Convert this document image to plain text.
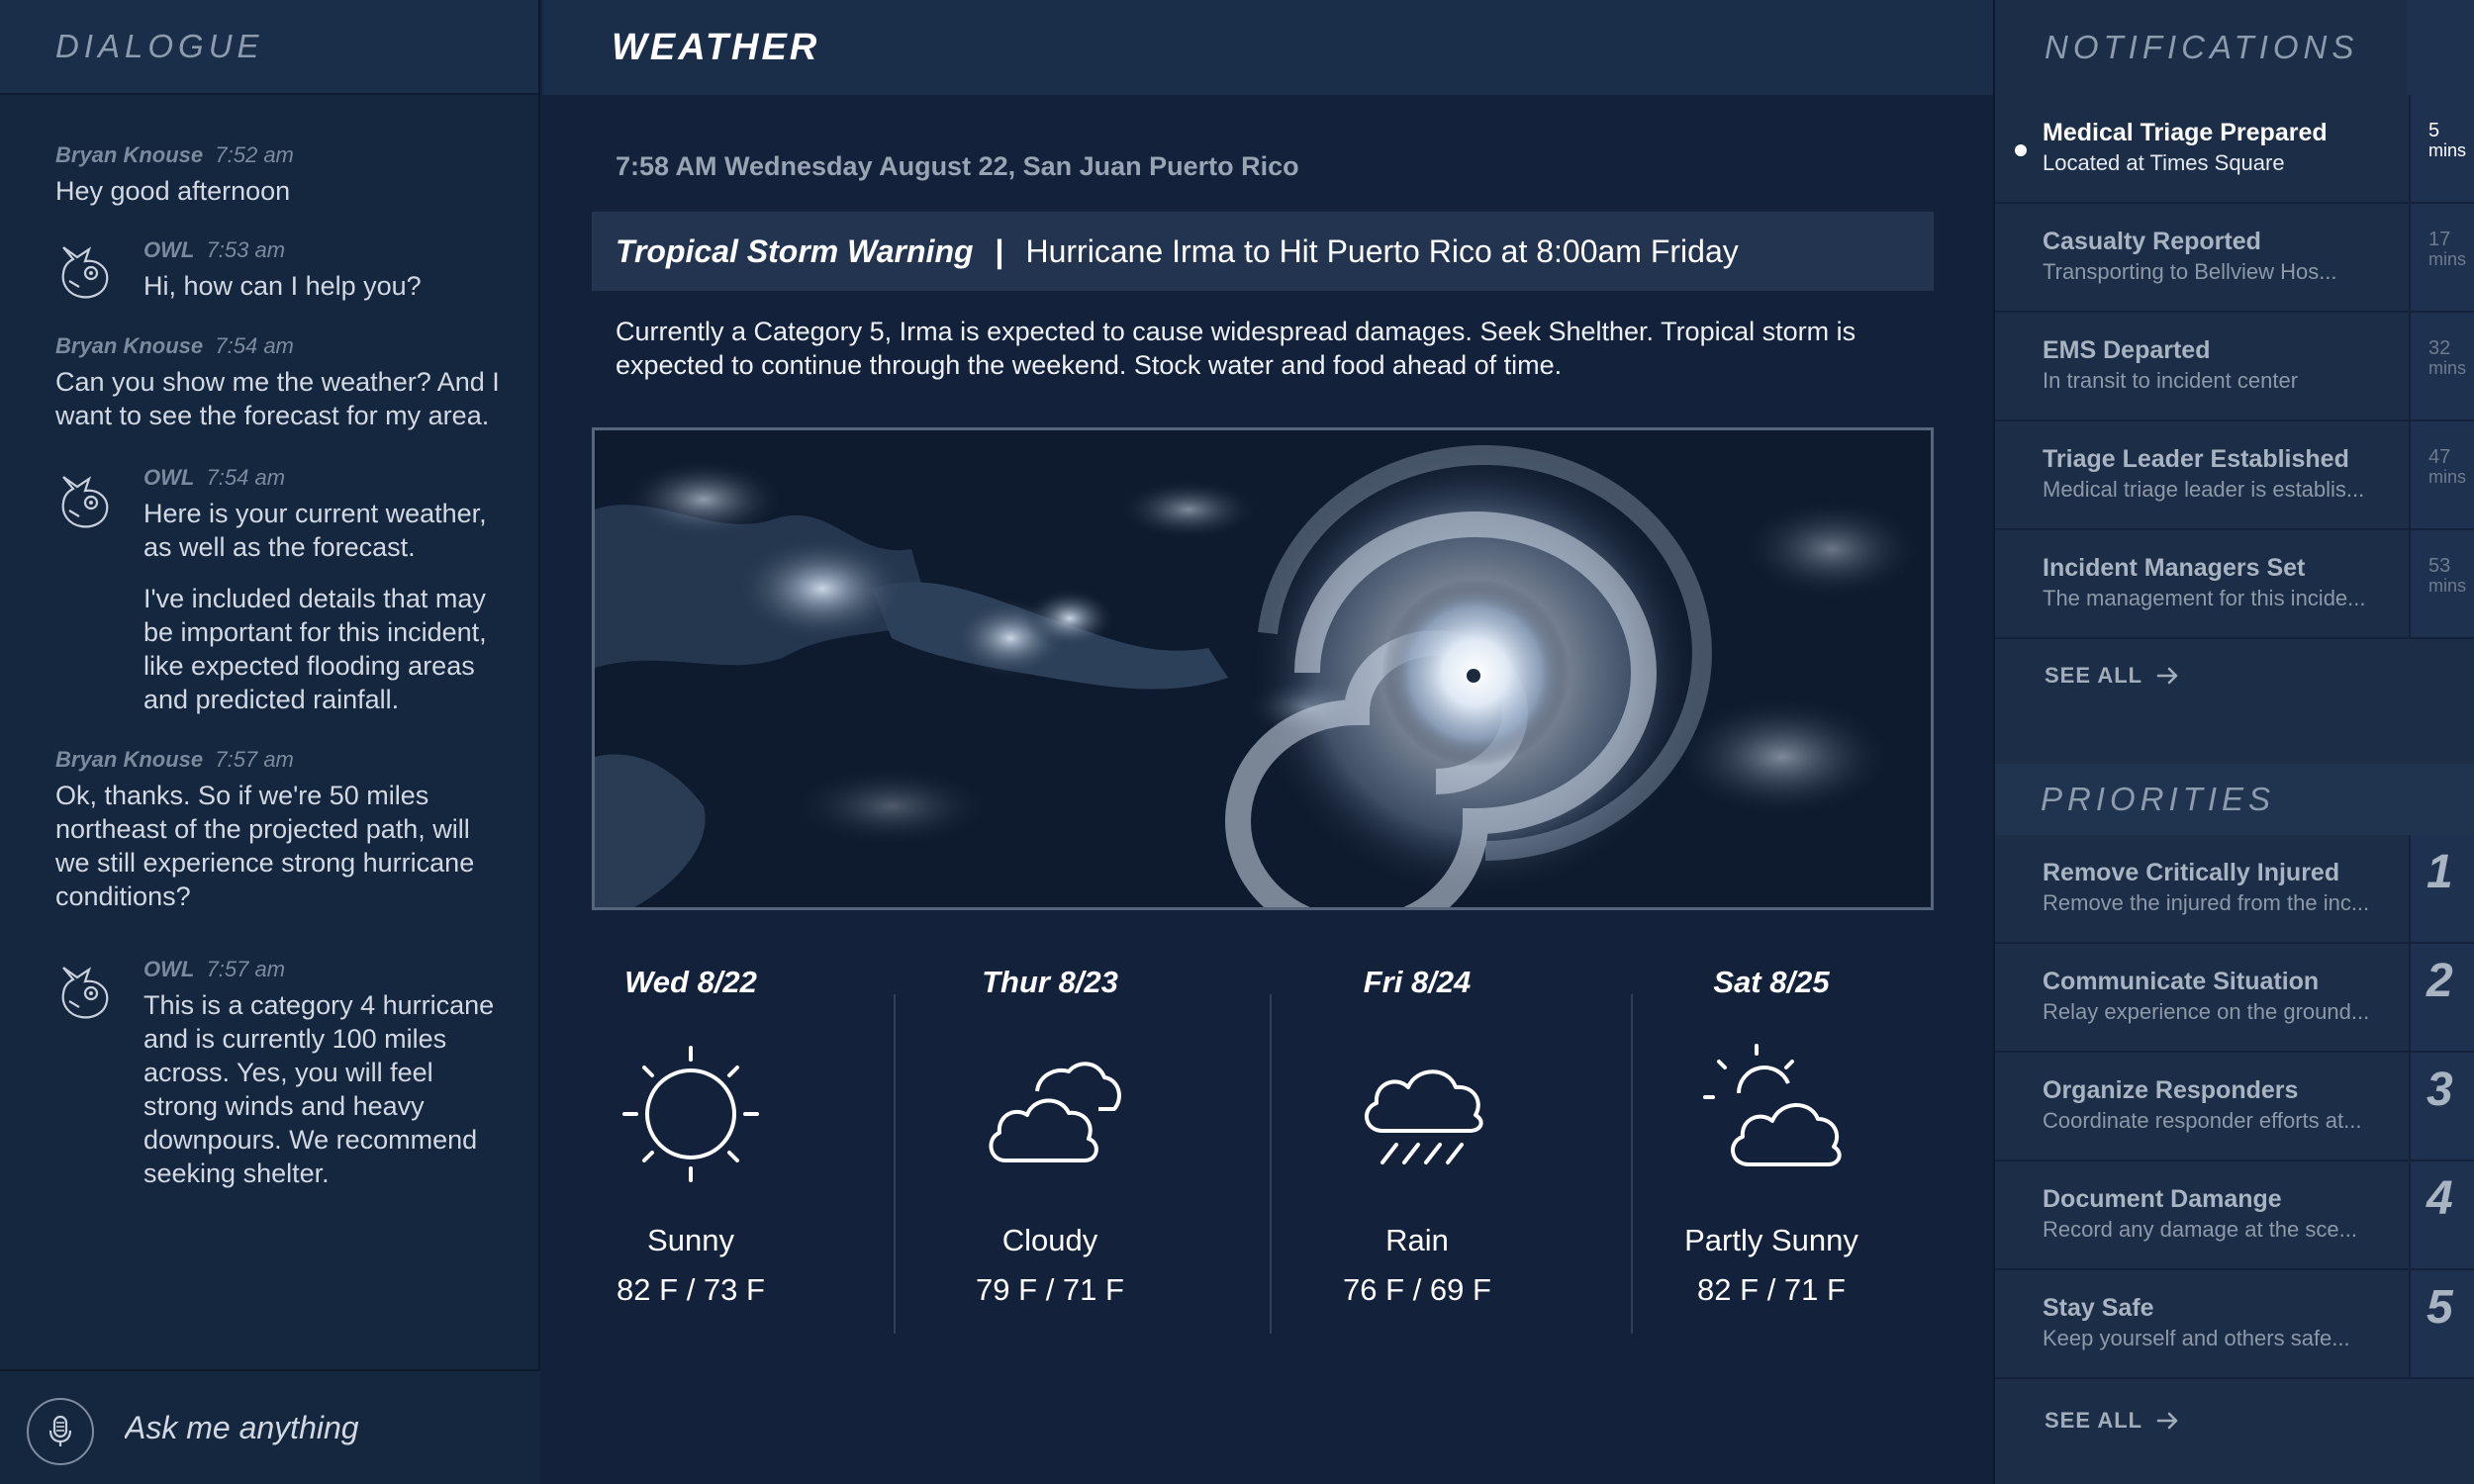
DIALOGUE
Bryan Knouse 7:52 am
Hey good afternoon
OWL 7:53 am
Hi, how can I help you?
Bryan Knouse 7:54 am
Can you show me the weather? And I want to see the forecast for my area.
OWL 7:54 am
Here is your current weather, as well as the forecast.
I've included details that may be important for this incident, like expected flooding areas and predicted rainfall.
Bryan Knouse 7:57 am
Ok, thanks. So if we're 50 miles northeast of the projected path, will we still experience strong hurricane conditions?
OWL 7:57 am
This is a category 4 hurricane and is currently 100 miles across. Yes, you will feel strong winds and heavy downpours. We recommend seeking shelter.
Ask me anything
WEATHER
7:58 AM Wednesday August 22, San Juan Puerto Rico
Tropical Storm Warning | Hurricane Irma to Hit Puerto Rico at 8:00am Friday
Currently a Category 5, Irma is expected to cause widespread damages. Seek Shelther. Tropical storm is expected to continue through the weekend. Stock water and food ahead of time.
Wed 8/22
Sunny
82 F / 73 F
Thur 8/23
Cloudy
79 F / 71 F
Fri 8/24
Rain
76 F / 69 F
Sat 8/25
Partly Sunny
82 F / 71 F
NOTIFICATIONS
Medical Triage Prepared
Located at Times Square
5
mins
Casualty Reported
Transporting to Bellview Hos...
17
mins
EMS Departed
In transit to incident center
32
mins
Triage Leader Established
Medical triage leader is establis...
47
mins
Incident Managers Set
The management for this incide...
53
mins
SEE ALL
PRIORITIES
Remove Critically Injured
Remove the injured from the inc...
1
Communicate Situation
Relay experience on the ground...
2
Organize Responders
Coordinate responder efforts at...
3
Document Damange
Record any damage at the sce...
4
Stay Safe
Keep yourself and others safe...
5
SEE ALL
